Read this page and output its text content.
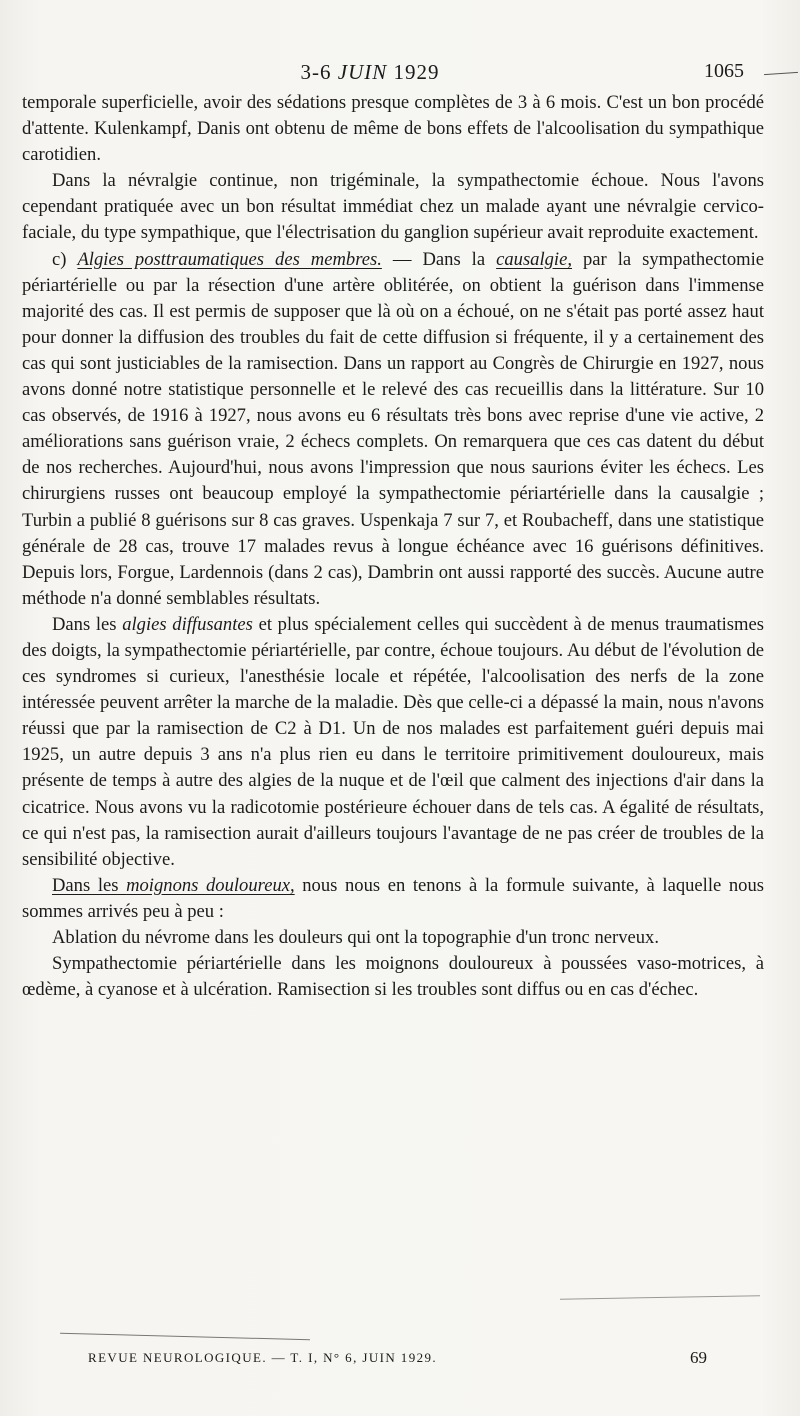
3-6 JUIN 1929	1065

temporale superficielle, avoir des sédations presque complètes de 3 à 6 mois. C'est un bon procédé d'attente. Kulenkampf, Danis ont obtenu de même de bons effets de l'alcoolisation du sympathique carotidien.

Dans la névralgie continue, non trigéminale, la sympathectomie échoue. Nous l'avons cependant pratiquée avec un bon résultat immédiat chez un malade ayant une névralgie cervico-faciale, du type sympathique, que l'électrisation du ganglion supérieur avait reproduite exactement.

c) Algies posttraumatiques des membres. — Dans la causalgie, par la sympathectomie périartérielle ou par la résection d'une artère oblitérée, on obtient la guérison dans l'immense majorité des cas. Il est permis de supposer que là où on a échoué, on ne s'était pas porté assez haut pour donner la diffusion des troubles du fait de cette diffusion si fréquente, il y a certainement des cas qui sont justiciables de la ramisection. Dans un rapport au Congrès de Chirurgie en 1927, nous avons donné notre statistique personnelle et le relevé des cas recueillis dans la littérature. Sur 10 cas observés, de 1916 à 1927, nous avons eu 6 résultats très bons avec reprise d'une vie active, 2 améliorations sans guérison vraie, 2 échecs complets. On remarquera que ces cas datent du début de nos recherches. Aujourd'hui, nous avons l'impression que nous saurions éviter les échecs. Les chirurgiens russes ont beaucoup employé la sympathectomie périartérielle dans la causalgie ; Turbin a publié 8 guérisons sur 8 cas graves. Uspenkaja 7 sur 7, et Roubacheff, dans une statistique générale de 28 cas, trouve 17 malades revus à longue échéance avec 16 guérisons définitives. Depuis lors, Forgue, Lardennois (dans 2 cas), Dambrin ont aussi rapporté des succès. Aucune autre méthode n'a donné semblables résultats.

Dans les algies diffusantes et plus spécialement celles qui succèdent à de menus traumatismes des doigts, la sympathectomie périartérielle, par contre, échoue toujours. Au début de l'évolution de ces syndromes si curieux, l'anesthésie locale et répétée, l'alcoolisation des nerfs de la zone intéressée peuvent arrêter la marche de la maladie. Dès que celle-ci a dépassé la main, nous n'avons réussi que par la ramisection de C2 à D1. Un de nos malades est parfaitement guéri depuis mai 1925, un autre depuis 3 ans n'a plus rien eu dans le territoire primitivement douloureux, mais présente de temps à autre des algies de la nuque et de l'œil que calment des injections d'air dans la cicatrice. Nous avons vu la radicotomie postérieure échouer dans de tels cas. A égalité de résultats, ce qui n'est pas, la ramisection aurait d'ailleurs toujours l'avantage de ne pas créer de troubles de la sensibilité objective.

Dans les moignons douloureux, nous nous en tenons à la formule suivante, à laquelle nous sommes arrivés peu à peu :

Ablation du névrome dans les douleurs qui ont la topographie d'un tronc nerveux.

Sympathectomie périartérielle dans les moignons douloureux à poussées vaso-motrices, à œdème, à cyanose et à ulcération. Ramisection si les troubles sont diffus ou en cas d'échec.

REVUE NEUROLOGIQUE. — T. I, N° 6, JUIN 1929.	69
